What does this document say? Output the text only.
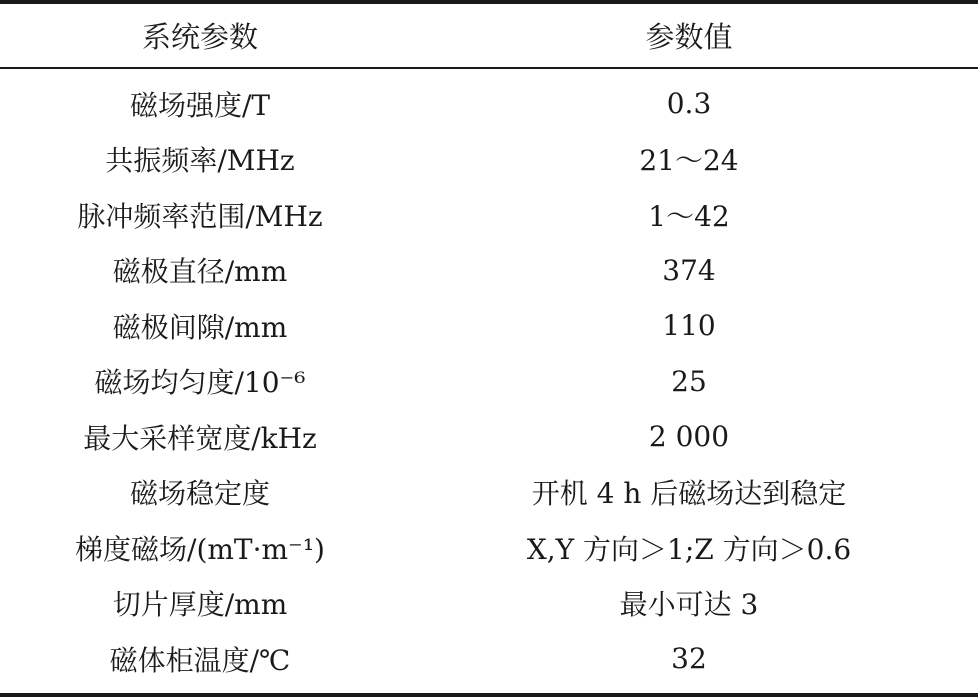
系统参数	参数值
磁场强度/T	0.3
共振频率/MHz	21～24
脉冲频率范围/MHz	1～42
磁极直径/mm	374
磁极间隙/mm	110
磁场均匀度/10⁻⁶	25
最大采样宽度/kHz	2 000
磁场稳定度	开机 4 h 后磁场达到稳定
梯度磁场/(mT·m⁻¹)	X,Y 方向＞1;Z 方向＞0.6
切片厚度/mm	最小可达 3
磁体柜温度/℃	32
